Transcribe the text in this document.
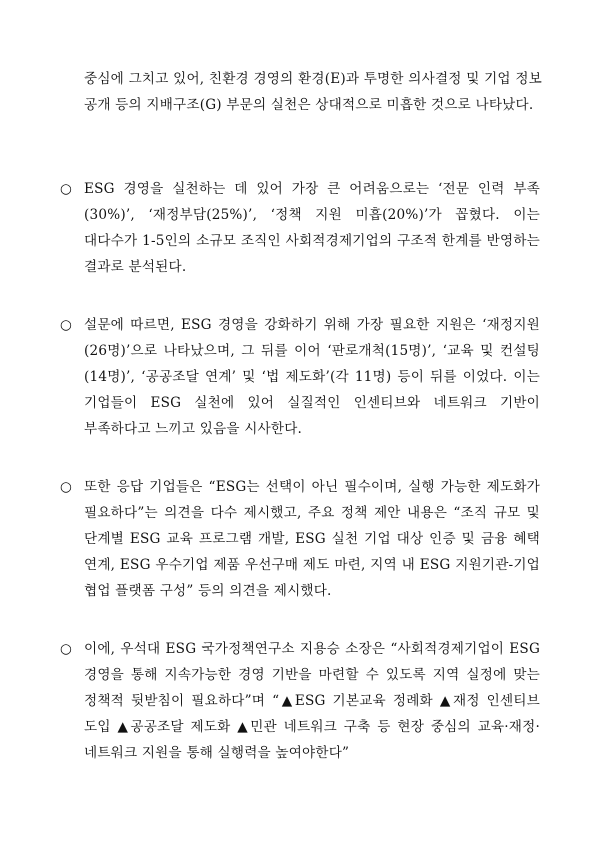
중심에 그치고 있어, 친환경 경영의 환경(E)과 투명한 의사결정 및 기업 정보 공개 등의 지배구조(G) 부문의 실천은 상대적으로 미흡한 것으로 나타났다.

○ ESG 경영을 실천하는 데 있어 가장 큰 어려움으로는 ‘전문 인력 부족(30%)’, ‘재정부담(25%)’, ‘정책 지원 미흡(20%)’가 꼽혔다. 이는 대다수가 1-5인의 소규모 조직인 사회적경제기업의 구조적 한계를 반영하는 결과로 분석된다.

○ 설문에 따르면, ESG 경영을 강화하기 위해 가장 필요한 지원은 ‘재정지원(26명)’으로 나타났으며, 그 뒤를 이어 ‘판로개척(15명)’, ‘교육 및 컨설팅(14명)’, ‘공공조달 연계’ 및 ‘법 제도화’(각 11명) 등이 뒤를 이었다. 이는 기업들이 ESG 실천에 있어 실질적인 인센티브와 네트워크 기반이 부족하다고 느끼고 있음을 시사한다.

○ 또한 응답 기업들은 “ESG는 선택이 아닌 필수이며, 실행 가능한 제도화가 필요하다”는 의견을 다수 제시했고, 주요 정책 제안 내용은 “조직 규모 및 단계별 ESG 교육 프로그램 개발, ESG 실천 기업 대상 인증 및 금융 혜택 연계, ESG 우수기업 제품 우선구매 제도 마련, 지역 내 ESG 지원기관-기업 협업 플랫폼 구성” 등의 의견을 제시했다.

○ 이에, 우석대 ESG 국가정책연구소 지용승 소장은 “사회적경제기업이 ESG 경영을 통해 지속가능한 경영 기반을 마련할 수 있도록 지역 실정에 맞는 정책적 뒷받침이 필요하다”며 “▲ESG 기본교육 정례화 ▲재정 인센티브 도입 ▲공공조달 제도화 ▲민관 네트워크 구축 등 현장 중심의 교육·재정·네트워크 지원을 통해 실행력을 높여야한다”
